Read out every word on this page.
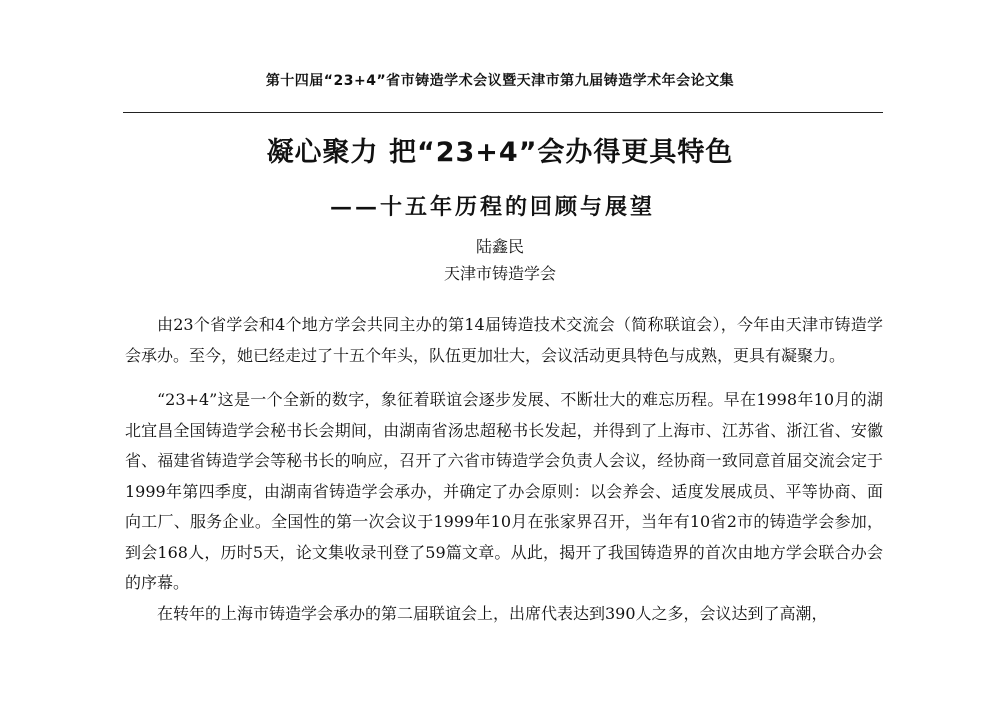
第十四届“23+4”省市铸造学术会议暨天津市第九届铸造学术年会论文集
凝心聚力 把“23+4”会办得更具特色
——十五年历程的回顾与展望
陆鑫民
天津市铸造学会

由23个省学会和4个地方学会共同主办的第14届铸造技术交流会（简称联谊会），今年由天津市铸造学会承办。至今，她已经走过了十五个年头，队伍更加壮大，会议活动更具特色与成熟，更具有凝聚力。

“23+4”这是一个全新的数字，象征着联谊会逐步发展、不断壮大的难忘历程。早在1998年10月的湖北宜昌全国铸造学会秘书长会期间，由湖南省汤忠超秘书长发起，并得到了上海市、江苏省、浙江省、安徽省、福建省铸造学会等秘书长的响应，召开了六省市铸造学会负责人会议，经协商一致同意首届交流会定于1999年第四季度，由湖南省铸造学会承办，并确定了办会原则：以会养会、适度发展成员、平等协商、面向工厂、服务企业。全国性的第一次会议于1999年10月在张家界召开，当年有10省2市的铸造学会参加，到会168人，历时5天，论文集收录刊登了59篇文章。从此，揭开了我国铸造界的首次由地方学会联合办会的序幕。

在转年的上海市铸造学会承办的第二届联谊会上，出席代表达到390人之多，会议达到了高潮，
